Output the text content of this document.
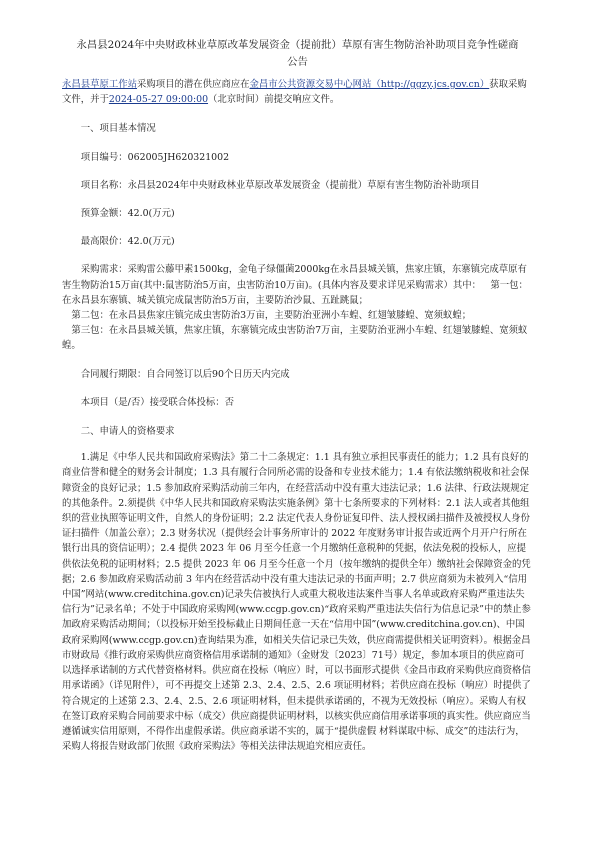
永昌县2024年中央财政林业草原改革发展资金（提前批）草原有害生物防治补助项目竞争性磋商公告

永昌县草原工作站采购项目的潜在供应商应在金昌市公共资源交易中心网站（http://ggzy.jcs.gov.cn）获取采购文件，并于2024-05-27 09:00:00（北京时间）前提交响应文件。

一、项目基本情况

项目编号：062005JH620321002

项目名称：永昌县2024年中央财政林业草原改革发展资金（提前批）草原有害生物防治补助项目

预算金额：42.0(万元)

最高限价：42.0(万元)

采购需求：采购雷公藤甲素1500kg，金龟子绿僵菌2000kg在永昌县城关镇，焦家庄镇，东寨镇完成草原有害生物防治15万亩(其中:鼠害防治5万亩，虫害防治10万亩)。(具体内容及要求详见采购需求）其中：  第一包：在永昌县东寨镇、城关镇完成鼠害防治5万亩，主要防治沙鼠、五趾跳鼠；
 第二包：在永昌县焦家庄镇完成虫害防治3万亩，主要防治亚洲小车蝗、红翅皱膝蝗、宽须蚁蝗；
 第三包：在永昌县城关镇，焦家庄镇，东寨镇完成虫害防治7万亩，主要防治亚洲小车蝗、红翅皱膝蝗、宽须蚁蝗。

合同履行期限：自合同签订以后90个日历天内完成

本项目（是/否）接受联合体投标：否

二、申请人的资格要求

1.满足《中华人民共和国政府采购法》第二十二条规定：1.1 具有独立承担民事责任的能力；1.2 具有良好的商业信誉和健全的财务会计制度；1.3 具有履行合同所必需的设备和专业技术能力；1.4 有依法缴纳税收和社会保障资金的良好记录；1.5 参加政府采购活动前三年内，在经营活动中没有重大违法记录；1.6 法律、行政法规规定的其他条件。2.须提供《中华人民共和国政府采购法实施条例》第十七条所要求的下列材料：2.1 法人或者其他组织的营业执照等证明文件，自然人的身份证明；2.2 法定代表人身份证复印件、法人授权函扫描件及被授权人身份证扫描件（加盖公章）；2.3 财务状况（提供经会计事务所审计的 2022 年度财务审计报告或近两个月开户行所在银行出具的资信证明）；2.4 提供 2023 年 06 月至今任意一个月缴纳任意税种的凭据，依法免税的投标人，应提供依法免税的证明材料；2.5 提供 2023 年 06 月至今任意一个月（按年缴纳的提供全年）缴纳社会保障资金的凭据；2.6 参加政府采购活动前 3 年内在经营活动中没有重大违法记录的书面声明；2.7 供应商须为未被列入“信用中国”网站(www.creditchina.gov.cn)记录失信被执行人或重大税收违法案件当事人名单或政府采购严重违法失信行为”记录名单；不处于中国政府采购网(www.ccgp.gov.cn)“政府采购严重违法失信行为信息记录”中的禁止参加政府采购活动期间；（以投标开始至投标截止日期间任意一天在“信用中国”(www.creditchina.gov.cn)、中国政府采购网(www.ccgp.gov.cn)查询结果为准，如相关失信记录已失效，供应商需提供相关证明资料）。根据金昌市财政局《推行政府采购供应商资格信用承诺制的通知》（金财发〔2023〕71号）规定，参加本项目的供应商可以选择承诺制的方式代替资格材料。供应商在投标（响应）时，可以书面形式提供《金昌市政府采购供应商资格信用承诺函》（详见附件），可不再提交上述第 2.3、2.4、2.5、2.6 项证明材料；若供应商在投标（响应）时提供了符合规定的上述第 2.3、2.4、2.5、2.6 项证明材料，但未提供承诺函的，不视为无效投标（响应）。采购人有权在签订政府采购合同前要求中标（成交）供应商提供证明材料，以核实供应商信用承诺事项的真实性。供应商应当遵循诚实信用原则，不得作出虚假承诺。供应商承诺不实的，属于“提供虚假 材料谋取中标、成交”的违法行为，采购人将报告财政部门依照《政府采购法》等相关法律法规追究相应责任。
